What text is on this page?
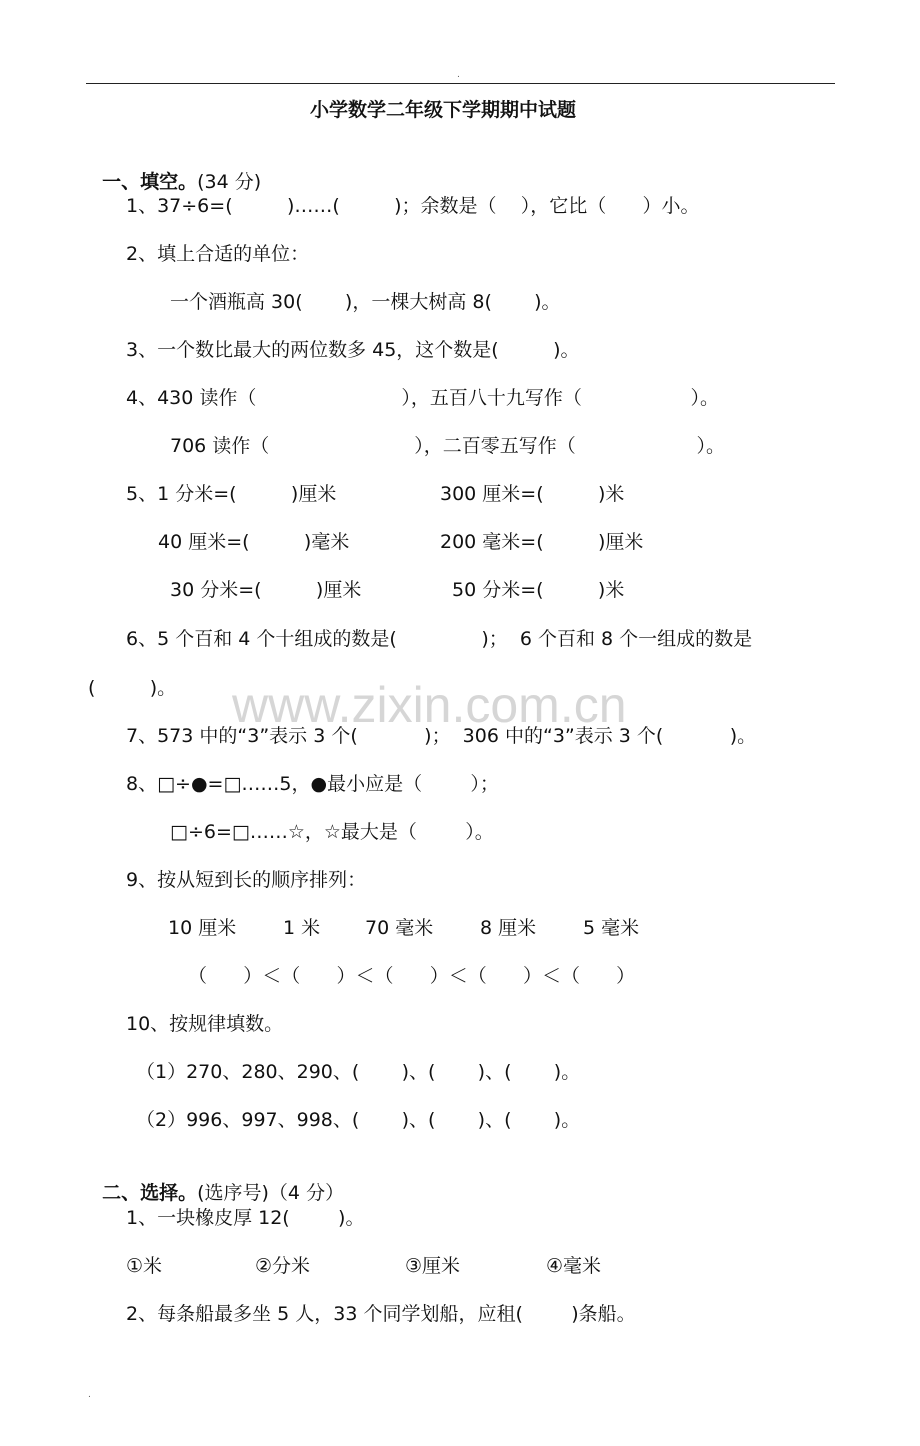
.
www.zixin.com.cn
小学数学二年级下学期期中试题

一、填空。(34 分)

1、37÷6=(         )……(         )；余数是（    ），它比（      ）小。
2、填上合适的单位：
一个酒瓶高 30(       )，一棵大树高 8(       )。
3、一个数比最大的两位数多 45，这个数是(         )。
4、430 读作（                        ），五百八十九写作（                  ）。
706 读作（                        ），二百零五写作（                    ）。
5、1 分米=(         )厘米	300 厘米=(         )米
40 厘米=(         )毫米	200 毫米=(         )厘米
30 分米=(         )厘米	50 分米=(         )米
6、5 个百和 4 个十组成的数是(              )；  6 个百和 8 个一组成的数是
(         )。
7、573 中的“3”表示 3 个(           )；  306 中的“3”表示 3 个(           )。
8、□÷●=□……5，●最小应是（        ）；
□÷6=□……☆，☆最大是（        ）。
9、按从短到长的顺序排列：
10 厘米 1 米 70 毫米 8 厘米 5 毫米
（      ）＜（      ）＜（      ）＜（      ）＜（      ）
10、按规律填数。
（1）270、280、290、(       )、(       )、(       )。
（2）996、997、998、(       )、(       )、(       )。

二、选择。(选序号)（4 分）

1、一块橡皮厚 12(        )。
①米	②分米	③厘米	④毫米
2、每条船最多坐 5 人，33 个同学划船，应租(        )条船。
.
